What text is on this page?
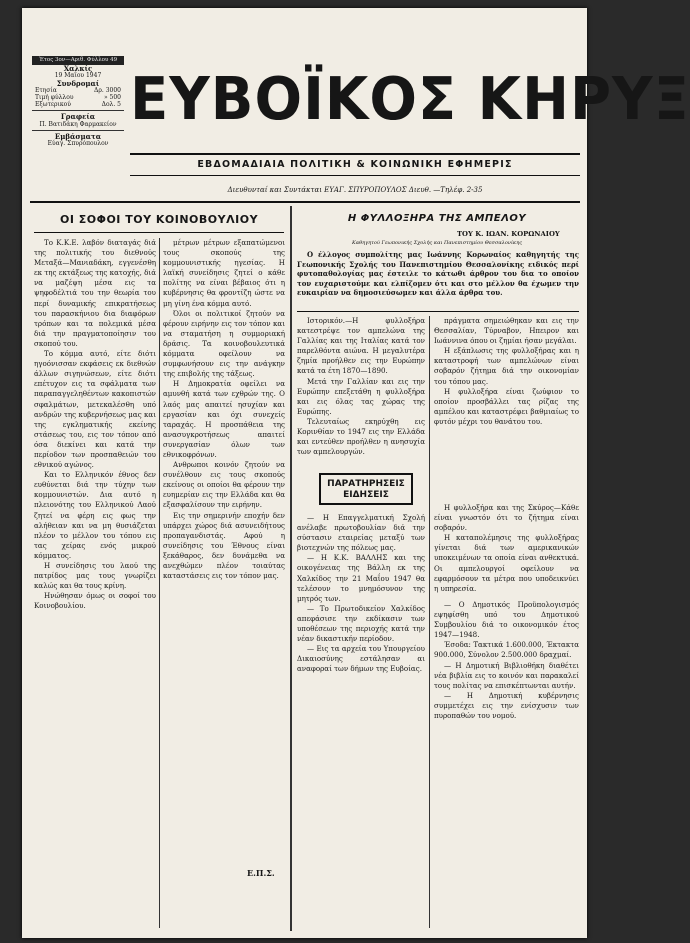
Έτος 3ον—Αριθ. Φύλλου 49
Χαλκίς
19 Μαΐου 1947
Συνδρομαί
Ετησία	Δρ. 3000
Τιμή φύλλου	» 500
Εξωτερικού	Δολ. 5
Γραφεία
Π. Βατιδάκη Φαρμακείον
Εμβάσματα
Εύαγ. Σπυρόπουλον
ΕΥΒΟΪΚΟΣ ΚΗΡΥΞ
ΕΒΔΟΜΑΔΙΑΙΑ ΠΟΛΙΤΙΚΗ & ΚΟΙΝΩΝΙΚΗ ΕΦΗΜΕΡΙΣ
Διευθυνταί και Συντάκται ΕΥΑΓ. ΣΠΥΡΟΠΟΥΛΟΣ Διευθ. —Τηλέφ. 2-35
ΟΙ ΣΟΦΟΙ ΤΟΥ ΚΟΙΝΟΒΟΥΛΙΟΥ

Το Κ.Κ.Ε. λαβόν διαταγάς διά της πολιτικής του διεθνούς Μεταξά—Μανιαδάκη, εγγενέσθη εκ της εκτάξεως της κατοχής, διά να μαζέψη μέσα εις τα ψηφοδέλτιά του την θεωρία του περί δυναμικής επικρατήσεως του παρασκήνιου δια διαφόρων τρόπων και τα πολεμικά μέσα διά την πραγματοποίησιν του σκοπού του.

Το κόμμα αυτό, είτε διότι ηγοόνισσαν εκφάσεις εκ διεθνών άλλων σιγηνώσεων, είτε διότι επέτυχον εις τα σφάλματα των παραπαγγεληθέντων κακοπιστών σφαλμάτων, μετεκαλέσθη υπό ανδρών της κυβερνήσεως μας και της εγκληματικής εκείνης στάσεως του, εις τον τόπον από όσα διεκίνει και κατά την περίοδον των προσπαθειών του εθνικού αγώνος.

Και το Ελληνικόν έθνος δεν ευθύνεται διά την τύχην των κομμουνιστών. Δια αυτό η πλειονότης του Ελληνικού Λαού ζητεί να φέρη εις φως την αλήθειαν και να μη θυσιάζεται πλέον το μέλλον του τόπου εις τας χείρας ενός μικρού κόμματος.

Η συνείδησις του λαού της πατρίδος μας τους γνωρίζει καλώς και θα τους κρίνη.

Ηνώθησαν όμως οι σοφοί του Κοινοβουλίου.

μέτρων μέτρων εξαπατώμενοι τους σκοπούς της κομμουνιστικής ηγεσίας. Η λαϊκή συνείδησις ζητεί ο κάθε πολίτης να είναι βέβαιος ότι η κυβέρνησις θα φροντίζη ώστε να μη γίνη ένα κόμμα αυτό.

Όλοι οι πολιτικοί ζητούν να φέρουν ειρήνην εις τον τόπον και να σταματήση η συμμοριακή δράσις. Τα κοινοβουλευτικά κόμματα οφείλουν να συμφωνήσουν εις την ανάγκην της επιβολής της τάξεως.

Η Δημοκρατία οφείλει να αμυνθή κατά των εχθρών της. Ο λαός μας απαιτεί ησυχίαν και εργασίαν και όχι συνεχείς ταραχάς. Η προσπάθεια της ανασυγκροτήσεως απαιτεί συνεργασίαν όλων των εθνικοφρόνων.

Ανθρωποι κοινόν ζητούν να συνέλθουν εις τους σκοπούς εκείνους οι οποίοι θα φέρουν την ευημερίαν εις την Ελλάδα και θα εξασφαλίσουν την ειρήνην.

Εις την σημερινήν εποχήν δεν υπάρχει χώρος διά ασυνειδήτους προπαγανδιστάς. Αφού η συνείδησις του Έθνους είναι ξεκάθαρος, δεν δυνάμεθα να ανεχθώμεν πλέον τοιαύτας καταστάσεις εις τον τόπον μας.

Ε.Π.Σ.
Η ΦΥΛΛΟΞΗΡΑ ΤΗΣ ΑΜΠΕΛΟΥ
ΤΟΥ Κ. ΙΩΑΝ. ΚΟΡΩΝΑΙΟΥ
Καθηγητού Γεωπονικής Σχολής και Πανεπιστημίου Θεσσαλονίκης

Ο έλλογος συμπολίτης μας Ιωάννης Κορωναίος καθηγητής της Γεωπονικής Σχολής του Πανεπιστημίου Θεσσαλονίκης ειδικός περί φυτοπαθολογίας μας έστειλε το κάτωθι άρθρον του δια το οποίον τον ευχαριστούμε και ελπίζομεν ότι και στο μέλλον θα έχωμεν την ευκαιρίαν να δημοσιεύσωμεν και άλλα άρθρα του.

Ιστορικόν.—Η φυλλοξήρα κατεστρέψε τον αμπελώνα της Γαλλίας και της Ιταλίας κατά τον παρελθόντα αιώνα. Η μεγαλυτέρα ζημία προήλθεν εις την Ευρώπην κατά τα έτη 1870—1890.

Μετά την Γαλλίαν και εις την Ευρώπην επεξετάθη η φυλλοξήρα και εις όλας τας χώρας της Ευρώπης.

Τελευταίως εκηρύχθη εις Κορινθίαν το 1947 εις την Ελλάδα και εντεύθεν προήλθεν η ανησυχία των αμπελουργών.

πράγματα σημειώθηκαν και εις την Θεσσαλίαν, Τύρναβον, Ηπειρον και Ιωάννινα όπου οι ζημίαι ήσαν μεγάλαι.

Η εξάπλωσις της φυλλοξήρας και η καταστροφή των αμπελώνων είναι σοβαρόν ζήτημα διά την οικονομίαν του τόπου μας.

Η φυλλοξήρα είναι ζωύφιον το οποίον προσβάλλει τας ρίζας της αμπέλου και καταστρέφει βαθμιαίως το φυτόν μέχρι του θανάτου του.

Η φυλλοξήρα και της Σκύρος—Κάθε είναι γνωστόν ότι το ζήτημα είναι σοβαρόν.

Η καταπολέμησις της φυλλοξήρας γίνεται διά των αμερικανικών υποκειμένων τα οποία είναι ανθεκτικά. Οι αμπελουργοί οφείλουν να εφαρμόσουν τα μέτρα που υποδεικνύει η υπηρεσία.

ΠΑΡΑΤΗΡΗΣΕΙΣ
ΕΙΔΗΣΕΙΣ

— Η Επαγγελματική Σχολή ανέλαβε πρωτοβουλίαν διά την σύστασιν εταιρείας μεταξύ των βιοτεχνών της πόλεως μας.

— Η Κ.Κ. ΒΑΛΛΗΣ και της οικογένειας της Βάλλη εκ της Χαλκίδος την 21 Μαΐου 1947 θα τελέσουν το μνημόσυνον της μητρός των.

— Το Πρωτοδικείον Χαλκίδος απεφάσισε την εκδίκασιν των υποθέσεων της περιοχής κατά την νέαν δικαστικήν περίοδον.

— Εις τα αρχεία του Υπουργείου Δικαιοσύνης εστάλησαν αι αναφοραί των δήμων της Ευβοίας.

— Ο Δημοτικός Προϋπολογισμός εψηφίσθη υπό του Δημοτικού Συμβουλίου διά το οικονομικόν έτος 1947—1948.

Έσοδα: Τακτικά 1.600.000, Έκτακτα 900.000, Σύνολον 2.500.000 δραχμαί.

— Η Δημοτική Βιβλιοθήκη διαθέτει νέα βιβλία εις το κοινόν και παρακαλεί τους πολίτας να επισκέπτωνται αυτήν.

— Η Δημοτική κυβέρνησις συμμετέχει εις την ενίσχυσιν των πυροπαθών του νομού.
